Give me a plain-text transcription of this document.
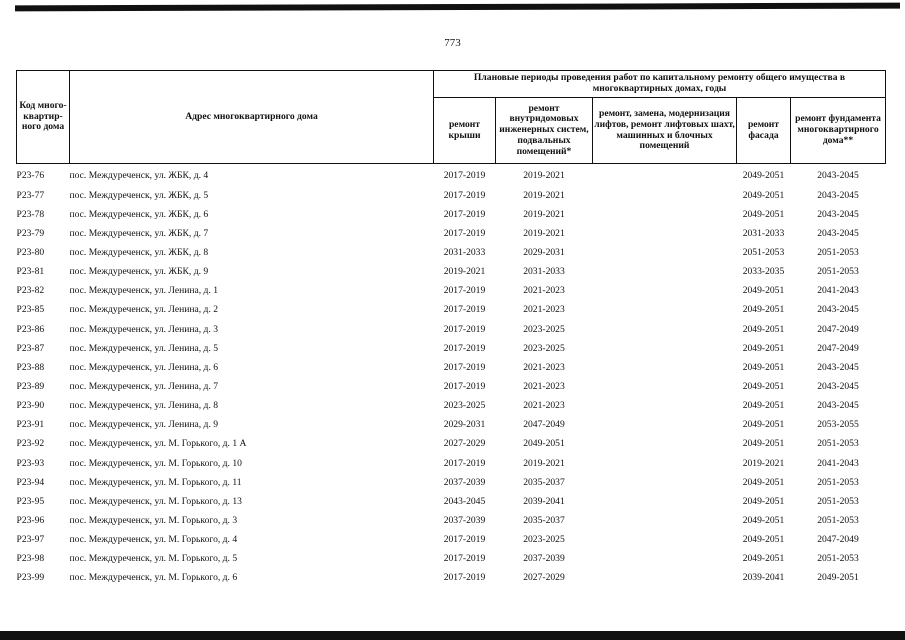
773
Код много-квартир-ного дома	Адрес многоквартирного дома	Плановые периоды проведения работ по капитальному ремонту общего имущества в многоквартирных домах, годы				
		ремонт крыши	ремонт внутридомовых инженерных систем, подвальных помещений*	ремонт, замена, модернизация лифтов, ремонт лифтовых шахт, машинных и блочных помещений	ремонт фасада	ремонт фундамента многоквартирного дома**
P23-76	пос. Междуреченск, ул. ЖБК, д. 4	2017-2019	2019-2021		2049-2051	2043-2045
P23-77	пос. Междуреченск, ул. ЖБК, д. 5	2017-2019	2019-2021		2049-2051	2043-2045
P23-78	пос. Междуреченск, ул. ЖБК, д. 6	2017-2019	2019-2021		2049-2051	2043-2045
P23-79	пос. Междуреченск, ул. ЖБК, д. 7	2017-2019	2019-2021		2031-2033	2043-2045
P23-80	пос. Междуреченск, ул. ЖБК, д. 8	2031-2033	2029-2031		2051-2053	2051-2053
P23-81	пос. Междуреченск, ул. ЖБК, д. 9	2019-2021	2031-2033		2033-2035	2051-2053
P23-82	пос. Междуреченск, ул. Ленина, д. 1	2017-2019	2021-2023		2049-2051	2041-2043
P23-85	пос. Междуреченск, ул. Ленина, д. 2	2017-2019	2021-2023		2049-2051	2043-2045
P23-86	пос. Междуреченск, ул. Ленина, д. 3	2017-2019	2023-2025		2049-2051	2047-2049
P23-87	пос. Междуреченск, ул. Ленина, д. 5	2017-2019	2023-2025		2049-2051	2047-2049
P23-88	пос. Междуреченск, ул. Ленина, д. 6	2017-2019	2021-2023		2049-2051	2043-2045
P23-89	пос. Междуреченск, ул. Ленина, д. 7	2017-2019	2021-2023		2049-2051	2043-2045
P23-90	пос. Междуреченск, ул. Ленина, д. 8	2023-2025	2021-2023		2049-2051	2043-2045
P23-91	пос. Междуреченск, ул. Ленина, д. 9	2029-2031	2047-2049		2049-2051	2053-2055
P23-92	пос. Междуреченск, ул. М. Горького, д. 1 А	2027-2029	2049-2051		2049-2051	2051-2053
P23-93	пос. Междуреченск, ул. М. Горького, д. 10	2017-2019	2019-2021		2019-2021	2041-2043
P23-94	пос. Междуреченск, ул. М. Горького, д. 11	2037-2039	2035-2037		2049-2051	2051-2053
P23-95	пос. Междуреченск, ул. М. Горького, д. 13	2043-2045	2039-2041		2049-2051	2051-2053
P23-96	пос. Междуреченск, ул. М. Горького, д. 3	2037-2039	2035-2037		2049-2051	2051-2053
P23-97	пос. Междуреченск, ул. М. Горького, д. 4	2017-2019	2023-2025		2049-2051	2047-2049
P23-98	пос. Междуреченск, ул. М. Горького, д. 5	2017-2019	2037-2039		2049-2051	2051-2053
P23-99	пос. Междуреченск, ул. М. Горького, д. 6	2017-2019	2027-2029		2039-2041	2049-2051
